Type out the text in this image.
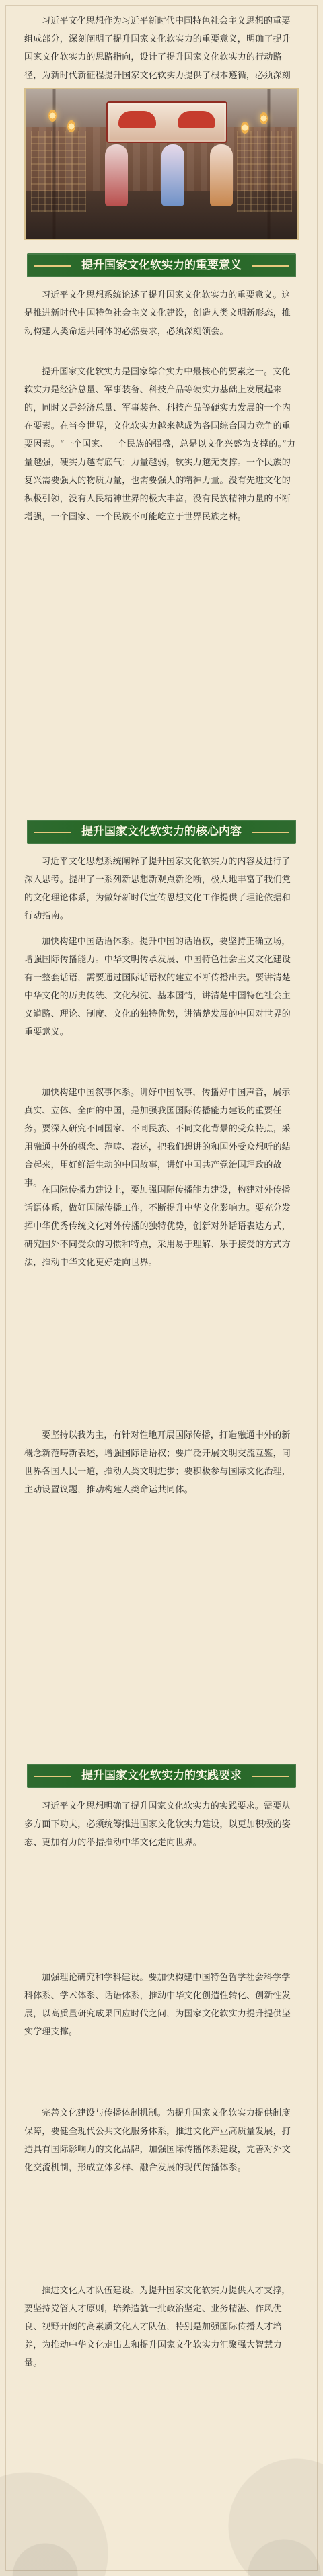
习近平文化思想作为习近平新时代中国特色社会主义思想的重要组成部分，深刻阐明了提升国家文化软实力的重要意义，明确了提升国家文化软实力的思路指向，设计了提升国家文化软实力的行动路径，为新时代新征程提升国家文化软实力提供了根本遵循，必须深刻
提升国家文化软实力的重要意义
习近平文化思想系统论述了提升国家文化软实力的重要意义。这是推进新时代中国特色社会主义文化建设，创造人类文明新形态，推动构建人类命运共同体的必然要求，必须深刻领会。
提升国家文化软实力是国家综合实力中最核心的要素之一。文化软实力是经济总量、军事装备、科技产品等硬实力基础上发展起来的，同时又是经济总量、军事装备、科技产品等硬实力发展的一个内在要素。在当今世界，文化软实力越来越成为各国综合国力竞争的重要因素。“一个国家、一个民族的强盛，总是以文化兴盛为支撑的。”力量越强，硬实力越有底气；力量越弱，软实力越无支撑。一个民族的复兴需要强大的物质力量，也需要强大的精神力量。没有先进文化的积极引领，没有人民精神世界的极大丰富，没有民族精神力量的不断增强，一个国家、一个民族不可能屹立于世界民族之林。
提升国家文化软实力的核心内容
习近平文化思想系统阐释了提升国家文化软实力的内容及进行了深入思考。提出了一系列新思想新观点新论断，极大地丰富了我们党的文化理论体系，为做好新时代宣传思想文化工作提供了理论依据和行动指南。
加快构建中国话语体系。提升中国的话语权，要坚持正确立场，增强国际传播能力。中华文明传承发展、中国特色社会主义文化建设有一整套话语，需要通过国际话语权的建立不断传播出去。要讲清楚中华文化的历史传统、文化积淀、基本国情，讲清楚中国特色社会主义道路、理论、制度、文化的独特优势，讲清楚发展的中国对世界的重要意义。
加快构建中国叙事体系。讲好中国故事，传播好中国声音，展示真实、立体、全面的中国，是加强我国国际传播能力建设的重要任务。要深入研究不同国家、不同民族、不同文化背景的受众特点，采用融通中外的概念、范畴、表述，把我们想讲的和国外受众想听的结合起来，用好鲜活生动的中国故事，讲好中国共产党治国理政的故事。
在国际传播力建设上，要加强国际传播能力建设，构建对外传播话语体系，做好国际传播工作，不断提升中华文化影响力。要充分发挥中华优秀传统文化对外传播的独特优势，创新对外话语表达方式，研究国外不同受众的习惯和特点，采用易于理解、乐于接受的方式方法，推动中华文化更好走向世界。
要坚持以我为主，有针对性地开展国际传播，打造融通中外的新概念新范畴新表述，增强国际话语权；要广泛开展文明交流互鉴，同世界各国人民一道，推动人类文明进步；要积极参与国际文化治理，主动设置议题，推动构建人类命运共同体。
提升国家文化软实力的实践要求
习近平文化思想明确了提升国家文化软实力的实践要求。需要从多方面下功夫，必须统筹推进国家文化软实力建设，以更加积极的姿态、更加有力的举措推动中华文化走向世界。
加强理论研究和学科建设。要加快构建中国特色哲学社会科学学科体系、学术体系、话语体系，推动中华文化创造性转化、创新性发展，以高质量研究成果回应时代之问，为国家文化软实力提升提供坚实学理支撑。
完善文化建设与传播体制机制。为提升国家文化软实力提供制度保障，要健全现代公共文化服务体系，推进文化产业高质量发展，打造具有国际影响力的文化品牌，加强国际传播体系建设，完善对外文化交流机制，形成立体多样、融合发展的现代传播体系。
推进文化人才队伍建设。为提升国家文化软实力提供人才支撑，要坚持党管人才原则，培养造就一批政治坚定、业务精湛、作风优良、视野开阔的高素质文化人才队伍，特别是加强国际传播人才培养，为推动中华文化走出去和提升国家文化软实力汇聚强大智慧力量。
